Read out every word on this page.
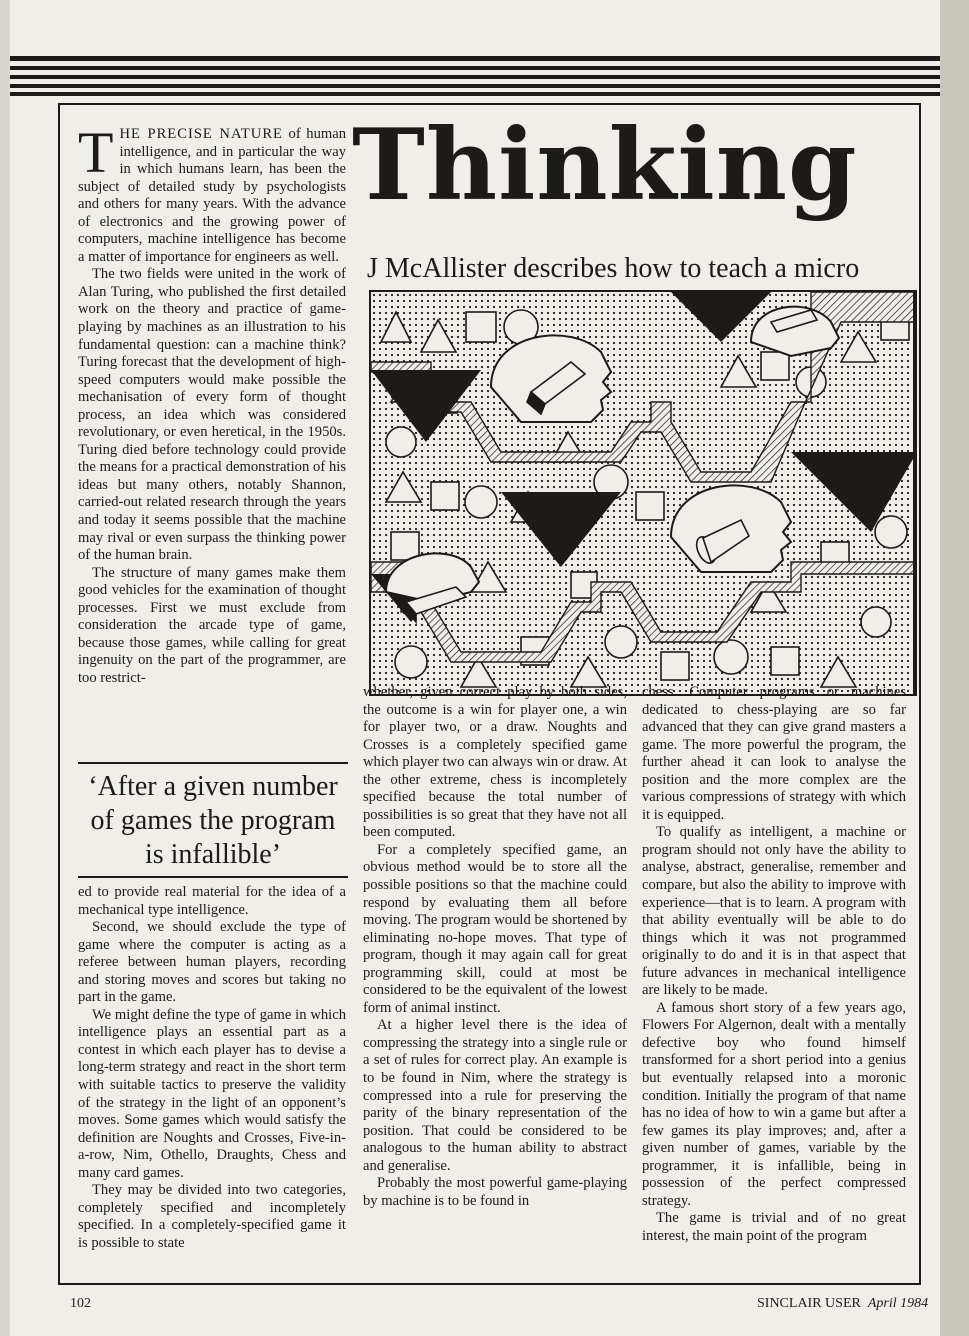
Thinking
J McAllister describes how to teach a micro

THE PRECISE NATURE of human intelligence, and in particular the way in which humans learn, has been the subject of detailed study by psychologists and others for many years. With the advance of electronics and the growing power of computers, machine intelligence has become a matter of importance for engineers as well.

The two fields were united in the work of Alan Turing, who published the first detailed work on the theory and practice of game-playing by machines as an illustration to his fundamental question: can a machine think? Turing forecast that the development of high-speed computers would make possible the mechanisation of every form of thought process, an idea which was considered revolutionary, or even heretical, in the 1950s. Turing died before technology could provide the means for a practical demonstration of his ideas but many others, notably Shannon, carried-out related research through the years and today it seems possible that the machine may rival or even surpass the thinking power of the human brain.

The structure of many games make them good vehicles for the examination of thought processes. First we must exclude from consideration the arcade type of game, because those games, while calling for great ingenuity on the part of the programmer, are too restrict-

‘After a given number of games the program is infallible’

ed to provide real material for the idea of a mechanical type intelligence.

Second, we should exclude the type of game where the computer is acting as a referee between human players, recording and storing moves and scores but taking no part in the game.

We might define the type of game in which intelligence plays an essential part as a contest in which each player has to devise a long-term strategy and react in the short term with suitable tactics to preserve the validity of the strategy in the light of an opponent’s moves. Some games which would satisfy the definition are Noughts and Crosses, Five-in-a-row, Nim, Othello, Draughts, Chess and many card games.

They may be divided into two categories, completely specified and incompletely specified. In a completely-specified game it is possible to state

whether, given correct play by both sides, the outcome is a win for player one, a win for player two, or a draw. Noughts and Crosses is a completely specified game which player two can always win or draw. At the other extreme, chess is incompletely specified because the total number of possibilities is so great that they have not all been computed.

For a completely specified game, an obvious method would be to store all the possible positions so that the machine could respond by evaluating them all before moving. The program would be shortened by eliminating no-hope moves. That type of program, though it may again call for great programming skill, could at most be considered to be the equivalent of the lowest form of animal instinct.

At a higher level there is the idea of compressing the strategy into a single rule or a set of rules for correct play. An example is to be found in Nim, where the strategy is compressed into a rule for preserving the parity of the binary representation of the position. That could be considered to be analogous to the human ability to abstract and generalise.

Probably the most powerful game-playing by machine is to be found in

chess. Computer programs or machines dedicated to chess-playing are so far advanced that they can give grand masters a game. The more powerful the program, the further ahead it can look to analyse the position and the more complex are the various compressions of strategy with which it is equipped.

To qualify as intelligent, a machine or program should not only have the ability to analyse, abstract, generalise, remember and compare, but also the ability to improve with experience—that is to learn. A program with that ability eventually will be able to do things which it was not programmed originally to do and it is in that aspect that future advances in mechanical intelligence are likely to be made.

A famous short story of a few years ago, Flowers For Algernon, dealt with a mentally defective boy who found himself transformed for a short period into a genius but eventually relapsed into a moronic condition. Initially the program of that name has no idea of how to win a game but after a few games its play improves; and, after a given number of games, variable by the programmer, it is infallible, being in possession of the perfect compressed strategy.

The game is trivial and of no great interest, the main point of the program

102	SINCLAIR USER April 1984
